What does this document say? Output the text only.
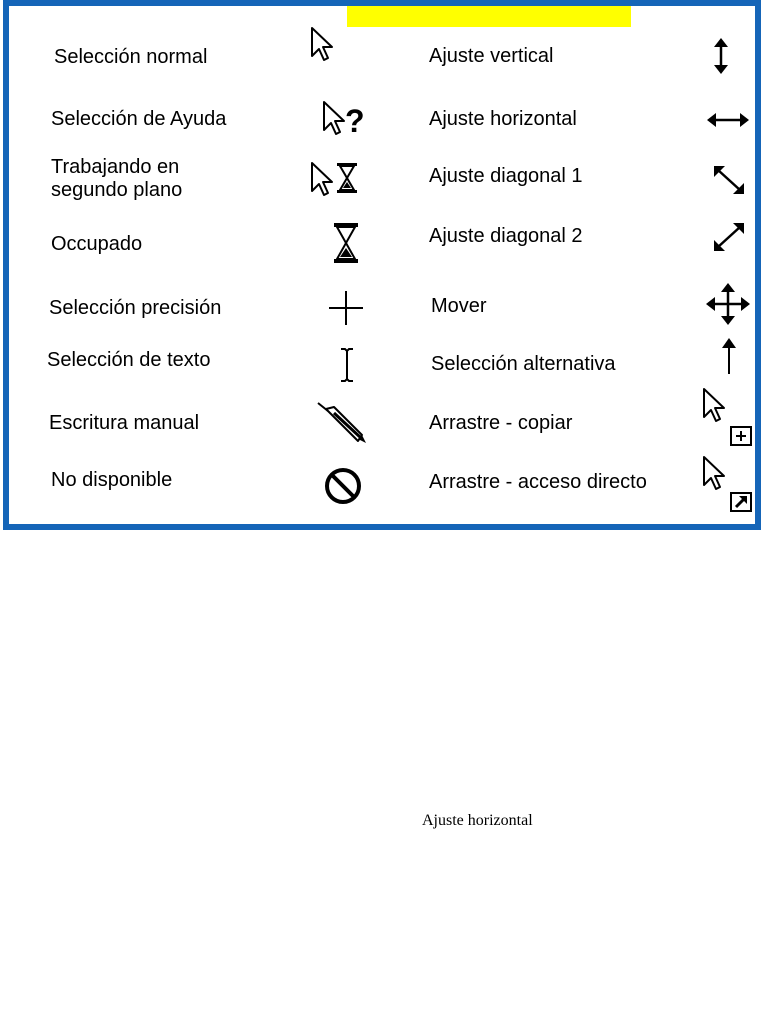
Selección normal
Selección de Ayuda
Trabajando en
segundo plano
Occupado
Selección precisión
Selección de texto
Escritura manual
No disponible
Ajuste vertical
Ajuste horizontal
Ajuste diagonal 1
Ajuste diagonal 2
Mover
Selección alternativa
Arrastre - copiar
Arrastre - acceso directo
?
Ajuste horizontal
